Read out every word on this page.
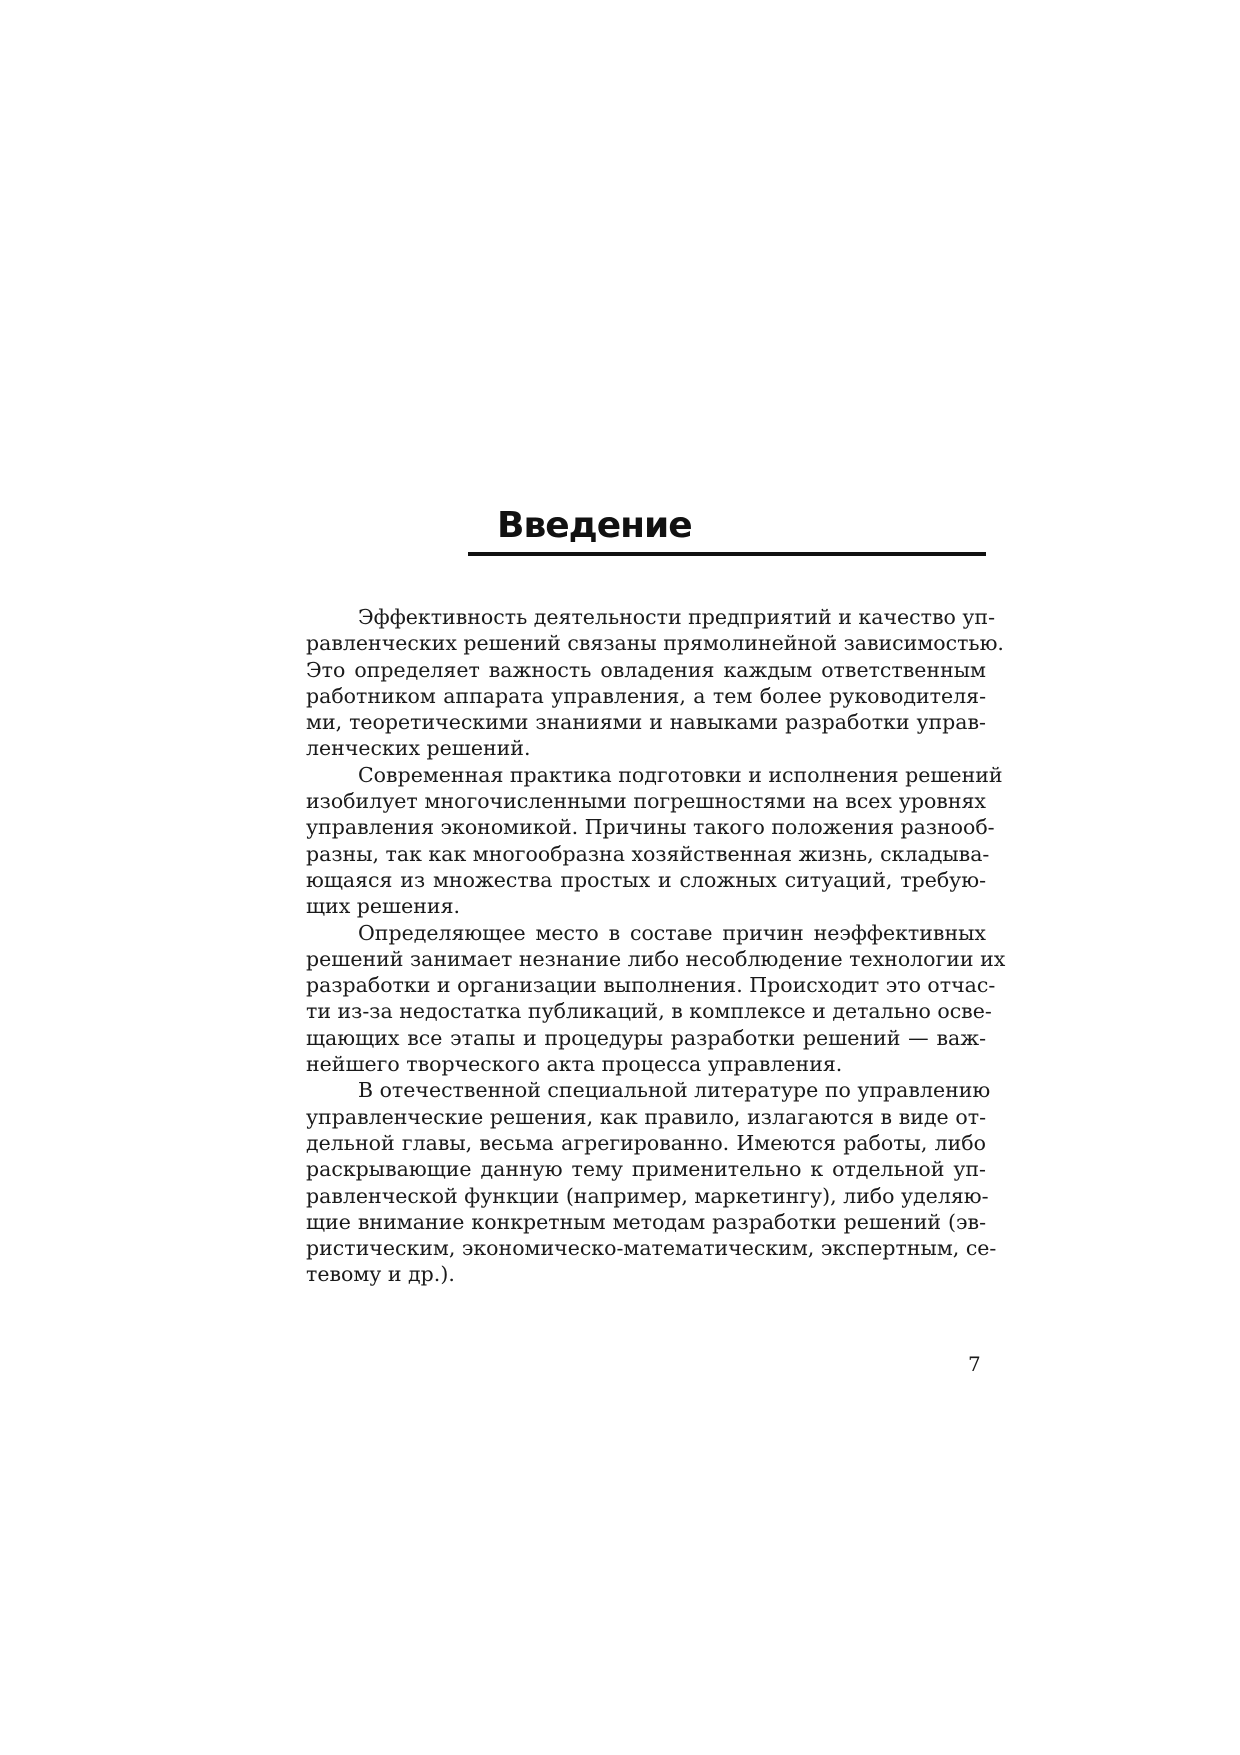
Введение

Эффективность деятельности предприятий и качество уп-
равленческих решений связаны прямолинейной зависимостью.
Это определяет важность овладения каждым ответственным
работником аппарата управления, а тем более руководителя-
ми, теоретическими знаниями и навыками разработки управ-
ленческих решений.

Современная практика подготовки и исполнения решений
изобилует многочисленными погрешностями на всех уровнях
управления экономикой. Причины такого положения разнооб-
разны, так как многообразна хозяйственная жизнь, складыва-
ющаяся из множества простых и сложных ситуаций, требую-
щих решения.

Определяющее место в составе причин неэффективных
решений занимает незнание либо несоблюдение технологии их
разработки и организации выполнения. Происходит это отчас-
ти из-за недостатка публикаций, в комплексе и детально осве-
щающих все этапы и процедуры разработки решений — важ-
нейшего творческого акта процесса управления.

В отечественной специальной литературе по управлению
управленческие решения, как правило, излагаются в виде от-
дельной главы, весьма агрегированно. Имеются работы, либо
раскрывающие данную тему применительно к отдельной уп-
равленческой функции (например, маркетингу), либо уделяю-
щие внимание конкретным методам разработки решений (эв-
ристическим, экономическо-математическим, экспертным, се-
тевому и др.).

7
